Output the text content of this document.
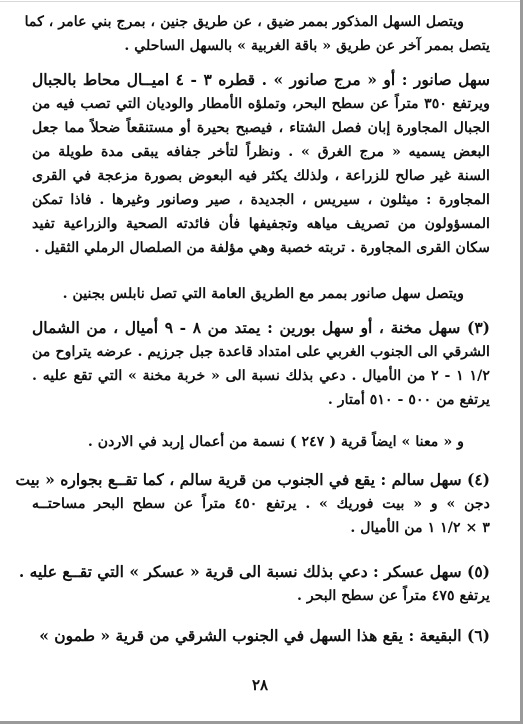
ويتصل السهل المذكور بممر ضيق ، عن طريق جنين ، بمرج بني عامر ، كما
يتصل بممر آخر عن طريق « باقة الغربية » بالسهل الساحلي .
سهل صانور : أو « مرج صانور » . قطره ٣ - ٤ اميــال محاط بالجبال
ويرتفع ٣٥٠ متراً عن سطح البحر، وتملؤه الأمطار والوديان التي تصب فيه من
الجبال المجاورة إبان فصل الشتاء ، فيصبح بحيرة أو مستنقعاً ضحلاً مما جعل
البعض يسميه « مرج الغرق » . ونظراً لتأخر جفافه يبقى مدة طويلة من
السنة غير صالح للزراعة ، ولذلك يكثر فيه البعوض بصورة مزعجة في القرى
المجاورة : ميثلون ، سيريس ، الجديدة ، صير وصانور وغيرها . فاذا تمكن
المسؤولون من تصريف مياهه وتجفيفها فأن فائدته الصحية والزراعية تفيد
سكان القرى المجاورة . تربته خصبة وهي مؤلفة من الصلصال الرملي الثقيل .
ويتصل سهل صانور بممر مع الطريق العامة التي تصل نابلس بجنين .
(٣) سهل مخنة ، أو سهل بورين : يمتد من ٨ - ٩ أميال ، من الشمال
الشرقي الى الجنوب الغربي على امتداد قاعدة جبل جرزيم . عرضه يتراوح من
١/٢ ١ - ٢ من الأميال . دعي بذلك نسبة الى « خربة مخنة » التي تقع عليه .
يرتفع من ٥٠٠ - ٥١٠ أمتار .
و « معنا » ايضاً قرية ( ٢٤٧ ) نسمة من أعمال إربد في الاردن .
(٤) سهل سالم : يقع في الجنوب من قرية سالم ، كما تقــع بجواره « بيت
دجن » و « بيت فوريك » . يرتفع ٤٥٠ متراً عن سطح البحر مساحتــه
٣ × ١/٢ ١ من الأميال .
(٥) سهل عسكر : دعي بذلك نسبة الى قرية « عسكر » التي تقــع عليه .
يرتفع ٤٧٥ متراً عن سطح البحر .
(٦) البقيعة : يقع هذا السهل في الجنوب الشرقي من قرية « طمون »
٢٨
